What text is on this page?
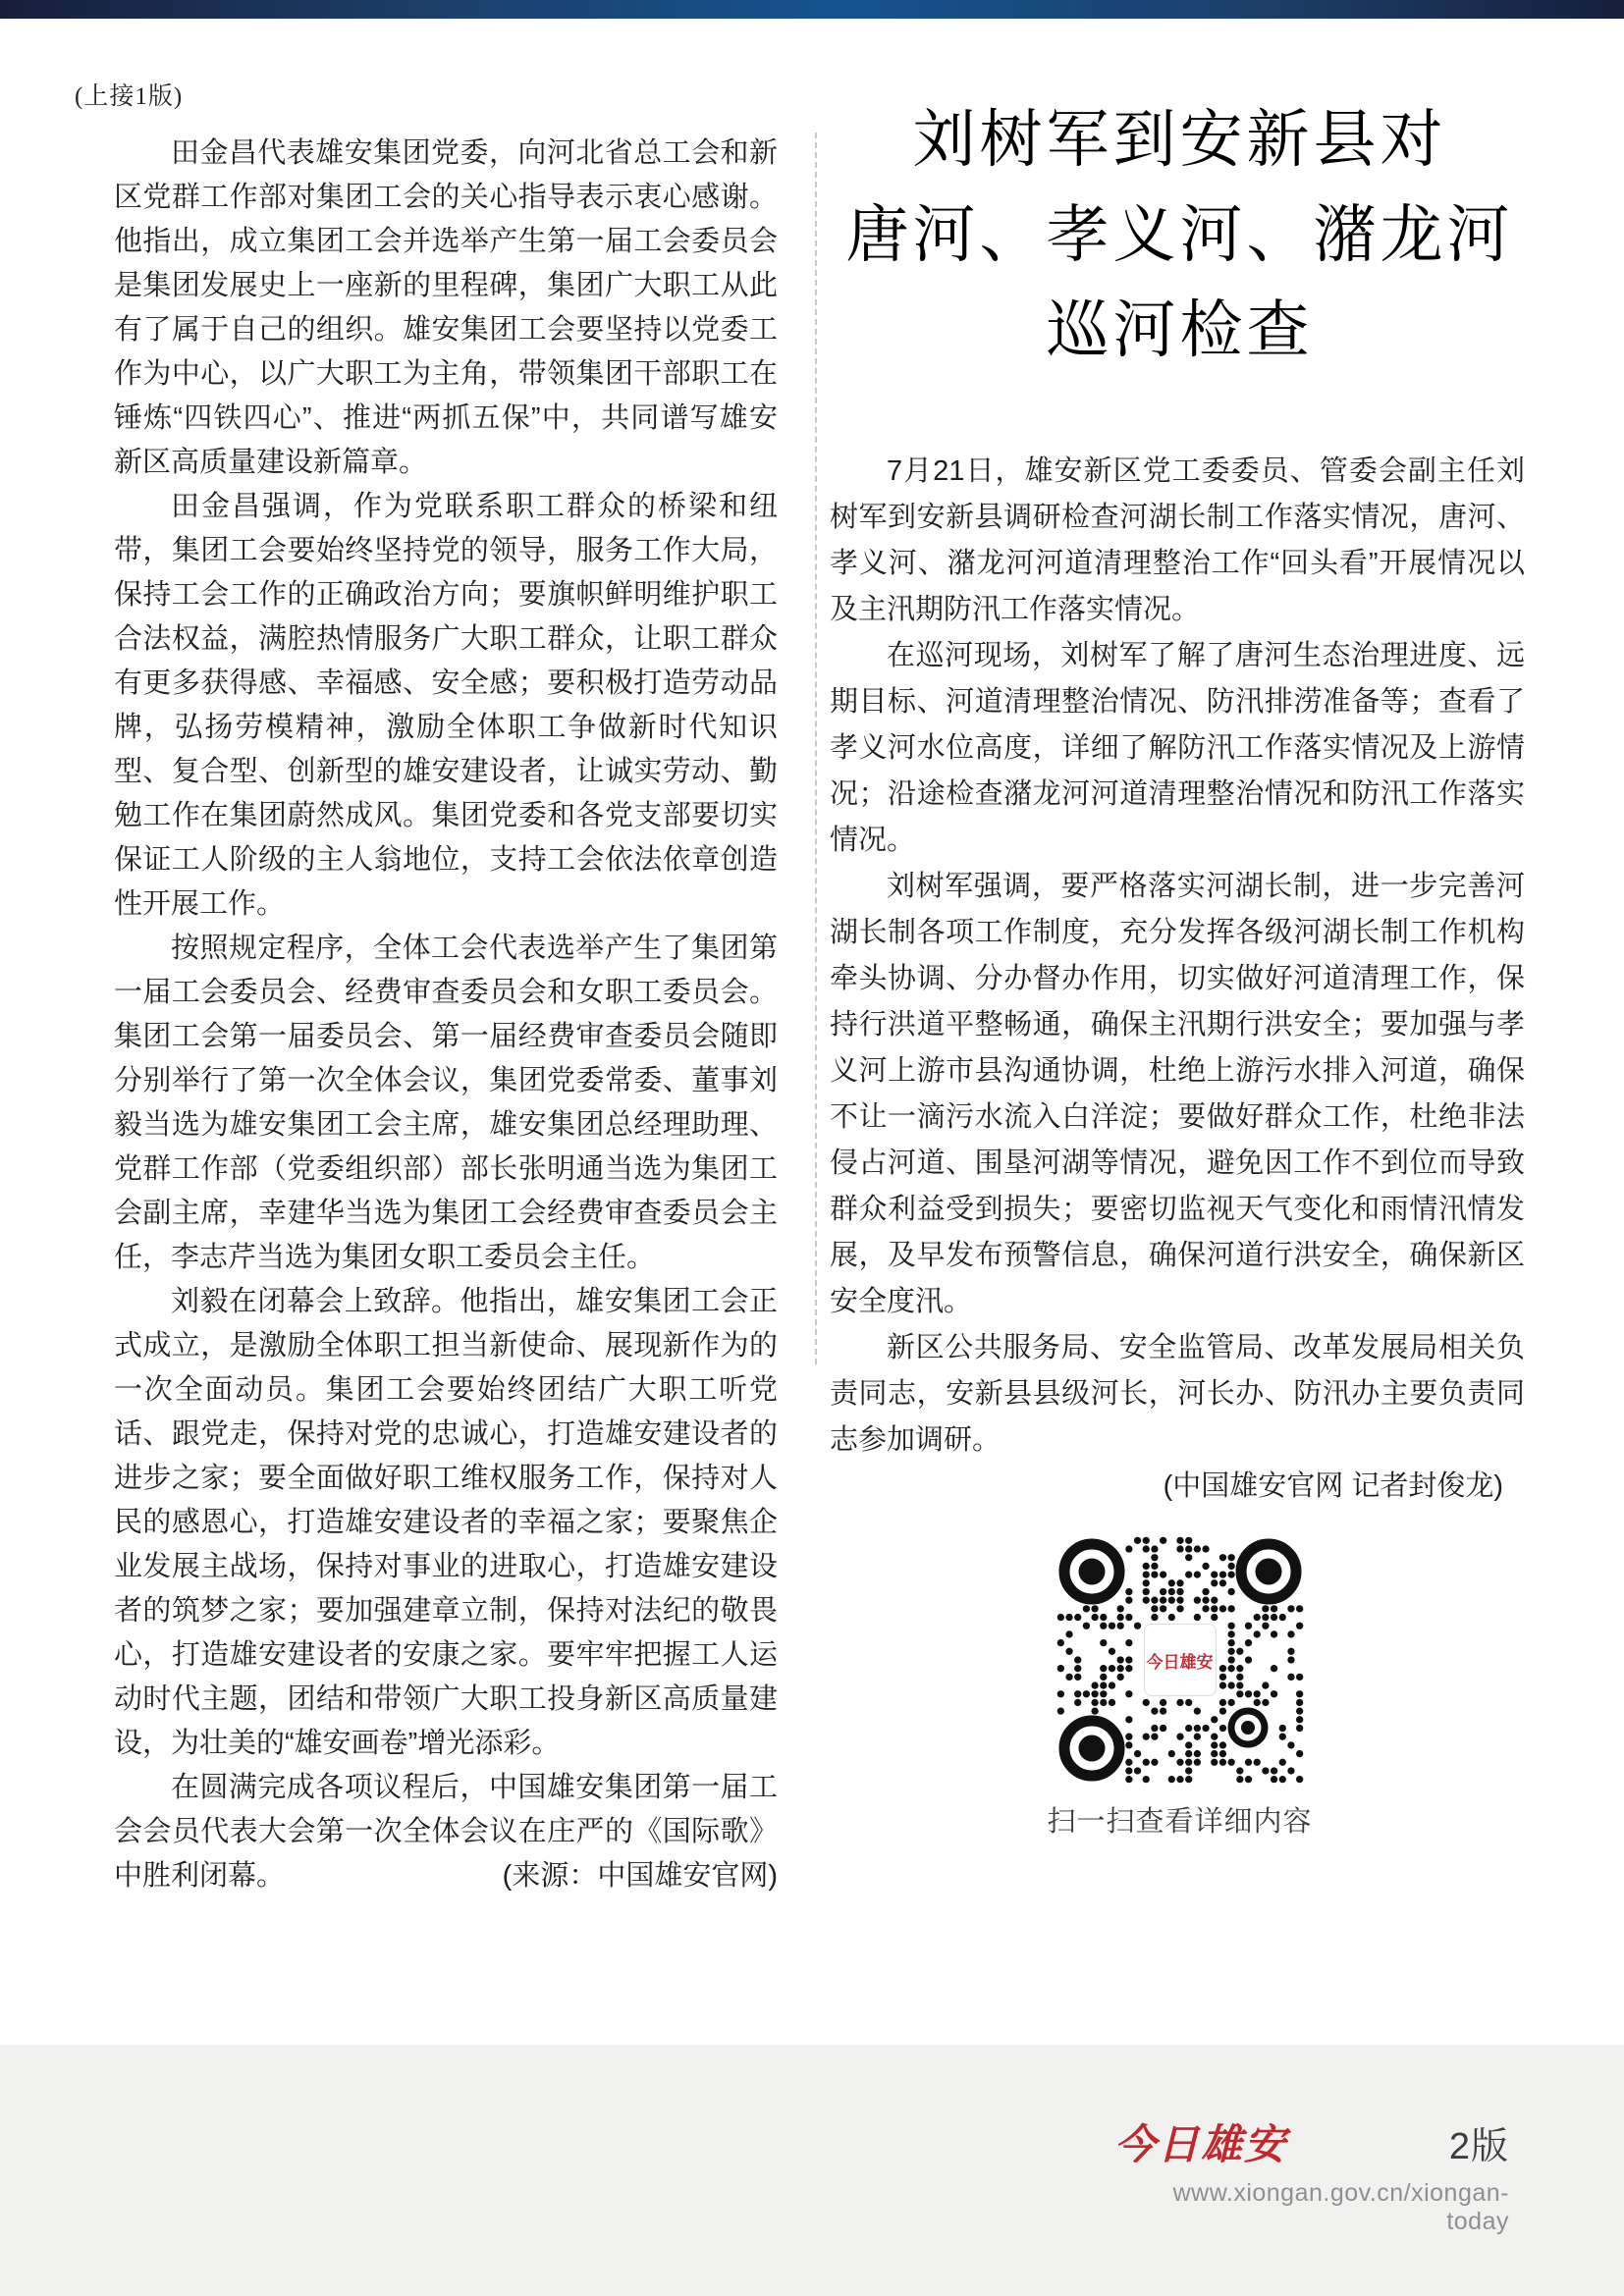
(上接1版)

田金昌代表雄安集团党委，向河北省总工会和新区党群工作部对集团工会的关心指导表示衷心感谢。他指出，成立集团工会并选举产生第一届工会委员会是集团发展史上一座新的里程碑，集团广大职工从此有了属于自己的组织。雄安集团工会要坚持以党委工作为中心，以广大职工为主角，带领集团干部职工在锤炼“四铁四心”、推进“两抓五保”中，共同谱写雄安新区高质量建设新篇章。

田金昌强调，作为党联系职工群众的桥梁和纽带，集团工会要始终坚持党的领导，服务工作大局，保持工会工作的正确政治方向；要旗帜鲜明维护职工合法权益，满腔热情服务广大职工群众，让职工群众有更多获得感、幸福感、安全感；要积极打造劳动品牌，弘扬劳模精神，激励全体职工争做新时代知识型、复合型、创新型的雄安建设者，让诚实劳动、勤勉工作在集团蔚然成风。集团党委和各党支部要切实保证工人阶级的主人翁地位，支持工会依法依章创造性开展工作。

按照规定程序，全体工会代表选举产生了集团第一届工会委员会、经费审查委员会和女职工委员会。集团工会第一届委员会、第一届经费审查委员会随即分别举行了第一次全体会议，集团党委常委、董事刘毅当选为雄安集团工会主席，雄安集团总经理助理、党群工作部（党委组织部）部长张明通当选为集团工会副主席，幸建华当选为集团工会经费审查委员会主任，李志芹当选为集团女职工委员会主任。

刘毅在闭幕会上致辞。他指出，雄安集团工会正式成立，是激励全体职工担当新使命、展现新作为的一次全面动员。集团工会要始终团结广大职工听党话、跟党走，保持对党的忠诚心，打造雄安建设者的进步之家；要全面做好职工维权服务工作，保持对人民的感恩心，打造雄安建设者的幸福之家；要聚焦企业发展主战场，保持对事业的进取心，打造雄安建设者的筑梦之家；要加强建章立制，保持对法纪的敬畏心，打造雄安建设者的安康之家。要牢牢把握工人运动时代主题，团结和带领广大职工投身新区高质量建设，为壮美的“雄安画卷”增光添彩。

在圆满完成各项议程后，中国雄安集团第一届工会会员代表大会第一次全体会议在庄严的《国际歌》中胜利闭幕。	(来源：中国雄安官网)

刘树军到安新县对
唐河、孝义河、潴龙河
巡河检查

7月21日，雄安新区党工委委员、管委会副主任刘树军到安新县调研检查河湖长制工作落实情况，唐河、孝义河、潴龙河河道清理整治工作“回头看”开展情况以及主汛期防汛工作落实情况。

在巡河现场，刘树军了解了唐河生态治理进度、远期目标、河道清理整治情况、防汛排涝准备等；查看了孝义河水位高度，详细了解防汛工作落实情况及上游情况；沿途检查潴龙河河道清理整治情况和防汛工作落实情况。

刘树军强调，要严格落实河湖长制，进一步完善河湖长制各项工作制度，充分发挥各级河湖长制工作机构牵头协调、分办督办作用，切实做好河道清理工作，保持行洪道平整畅通，确保主汛期行洪安全；要加强与孝义河上游市县沟通协调，杜绝上游污水排入河道，确保不让一滴污水流入白洋淀；要做好群众工作，杜绝非法侵占河道、围垦河湖等情况，避免因工作不到位而导致群众利益受到损失；要密切监视天气变化和雨情汛情发展，及早发布预警信息，确保河道行洪安全，确保新区安全度汛。

新区公共服务局、安全监管局、改革发展局相关负责同志，安新县县级河长，河长办、防汛办主要负责同志参加调研。

(中国雄安官网 记者封俊龙)

今日雄安
扫一扫查看详细内容
今日雄安	2版
www.xiongan.gov.cn/xiongan-today
